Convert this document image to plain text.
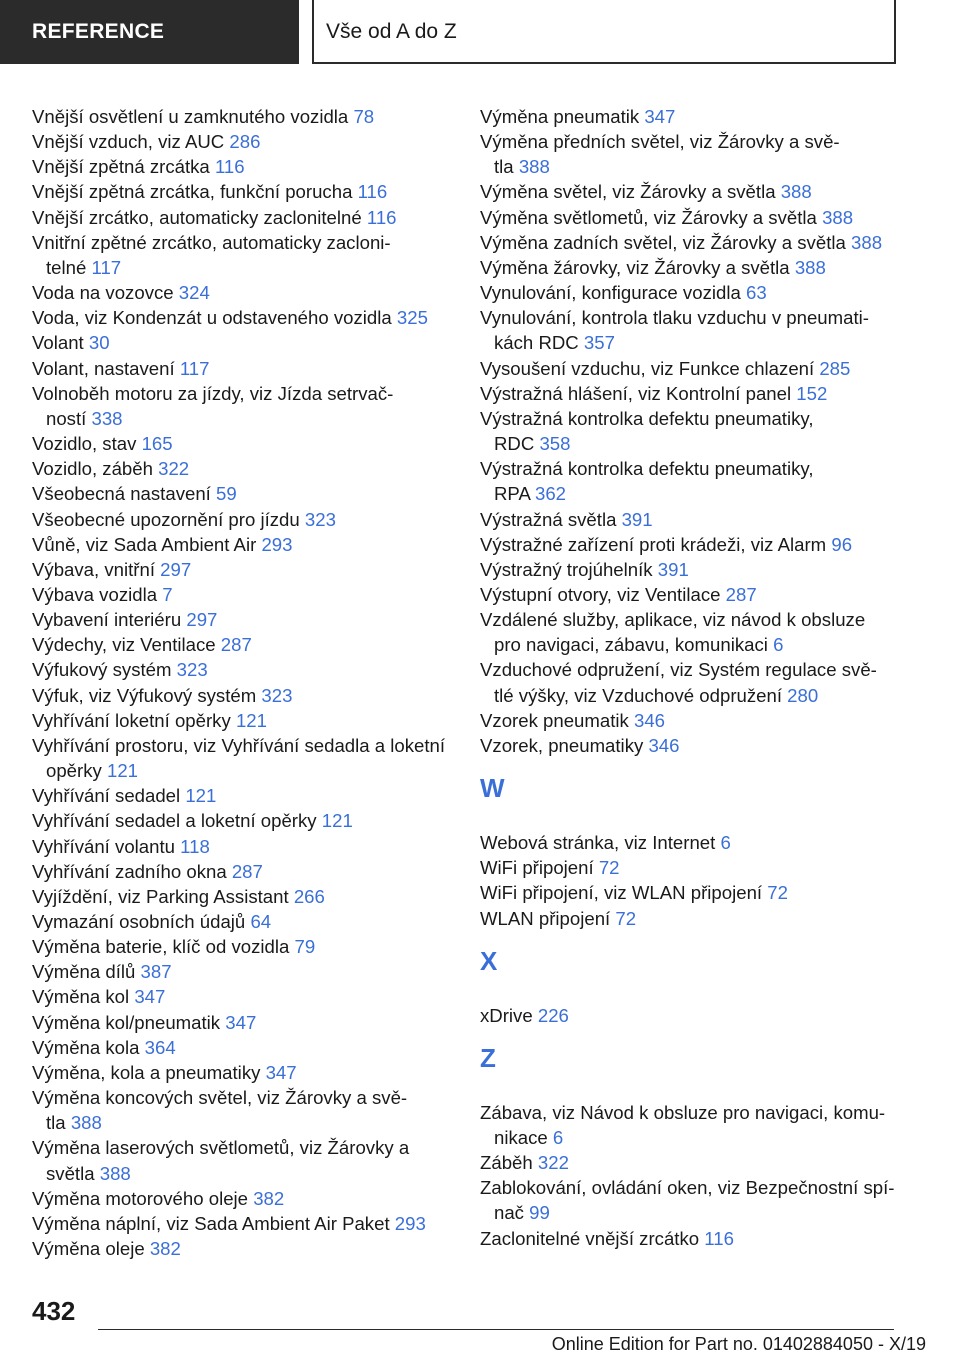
REFERENCE	Vše od A do Z
Vnější osvětlení u zamknutého vozidla 78
Vnější vzduch, viz AUC 286
Vnější zpětná zrcátka 116
Vnější zpětná zrcátka, funkční porucha 116
Vnější zrcátko, automaticky zaclonitelné 116
Vnitřní zpětné zrcátko, automaticky zacloni-
telné 117
Voda na vozovce 324
Voda, viz Kondenzát u odstaveného vozidla 325
Volant 30
Volant, nastavení 117
Volnoběh motoru za jízdy, viz Jízda setrvač-
ností 338
Vozidlo, stav 165
Vozidlo, záběh 322
Všeobecná nastavení 59
Všeobecné upozornění pro jízdu 323
Vůně, viz Sada Ambient Air 293
Výbava, vnitřní 297
Výbava vozidla 7
Vybavení interiéru 297
Výdechy, viz Ventilace 287
Výfukový systém 323
Výfuk, viz Výfukový systém 323
Vyhřívání loketní opěrky 121
Vyhřívání prostoru, viz Vyhřívání sedadla a loketní
opěrky 121
Vyhřívání sedadel 121
Vyhřívání sedadel a loketní opěrky 121
Vyhřívání volantu 118
Vyhřívání zadního okna 287
Vyjíždění, viz Parking Assistant 266
Vymazání osobních údajů 64
Výměna baterie, klíč od vozidla 79
Výměna dílů 387
Výměna kol 347
Výměna kol/pneumatik 347
Výměna kola 364
Výměna, kola a pneumatiky 347
Výměna koncových světel, viz Žárovky a svě-
tla 388
Výměna laserových světlometů, viz Žárovky a
světla 388
Výměna motorového oleje 382
Výměna náplní, viz Sada Ambient Air Paket 293
Výměna oleje 382
Výměna pneumatik 347
Výměna předních světel, viz Žárovky a svě-
tla 388
Výměna světel, viz Žárovky a světla 388
Výměna světlometů, viz Žárovky a světla 388
Výměna zadních světel, viz Žárovky a světla 388
Výměna žárovky, viz Žárovky a světla 388
Vynulování, konfigurace vozidla 63
Vynulování, kontrola tlaku vzduchu v pneumati-
kách RDC 357
Vysoušení vzduchu, viz Funkce chlazení 285
Výstražná hlášení, viz Kontrolní panel 152
Výstražná kontrolka defektu pneumatiky,
RDC 358
Výstražná kontrolka defektu pneumatiky,
RPA 362
Výstražná světla 391
Výstražné zařízení proti krádeži, viz Alarm 96
Výstražný trojúhelník 391
Výstupní otvory, viz Ventilace 287
Vzdálené služby, aplikace, viz návod k obsluze
pro navigaci, zábavu, komunikaci 6
Vzduchové odpružení, viz Systém regulace svě-
tlé výšky, viz Vzduchové odpružení 280
Vzorek pneumatik 346
Vzorek, pneumatiky 346
W
Webová stránka, viz Internet 6
WiFi připojení 72
WiFi připojení, viz WLAN připojení 72
WLAN připojení 72
X
xDrive 226
Z
Zábava, viz Návod k obsluze pro navigaci, komu-
nikace 6
Záběh 322
Zablokování, ovládání oken, viz Bezpečnostní spí-
nač 99
Zaclonitelné vnější zrcátko 116
432
Online Edition for Part no. 01402884050 - X/19
